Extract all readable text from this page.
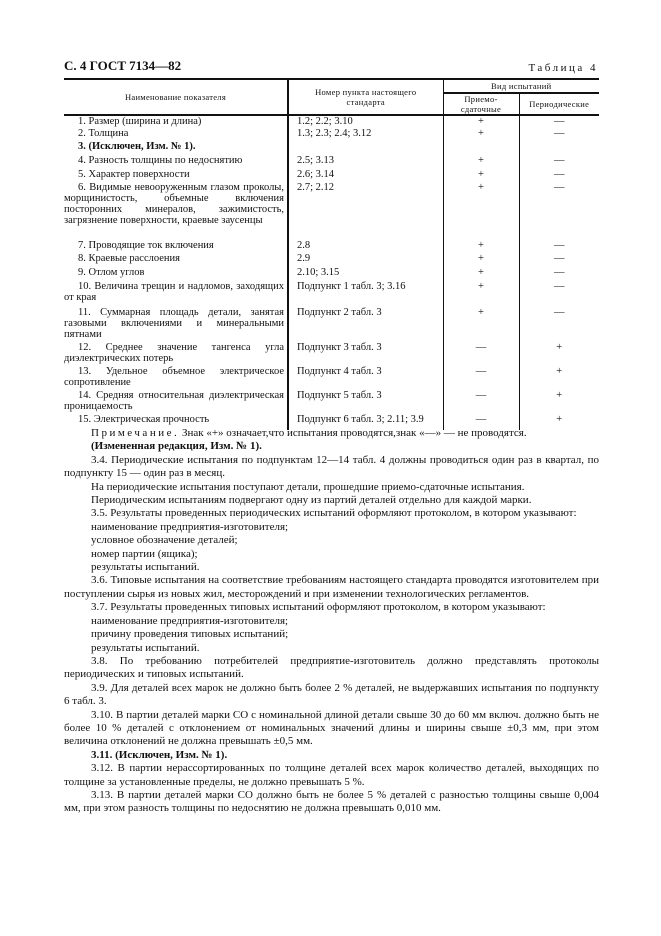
С. 4 ГОСТ 7134—82	Таблица 4
Наименование показателя	Номер пункта настоящего стандарта	Вид испытаний	
		Приемо-сдаточные	Периодические
1. Размер (ширина и длина)	1.2; 2.2; 3.10	+	—
2. Толщина	1.3; 2.3; 2.4; 3.12	+	—
3. (Исключен, Изм. № 1).			
4. Разность толщины по недоснятию	2.5; 3.13	+	—
5. Характер поверхности	2.6; 3.14	+	—
6. Видимые невооруженным глазом проколы, морщинистость, объемные включения посторонних минералов, зажимистость, загрязнение поверхности, краевые заусенцы	2.7; 2.12	+	—
7. Проводящие ток включения	2.8	+	—
8. Краевые расслоения	2.9	+	—
9. Отлом углов	2.10; 3.15	+	—
10. Величина трещин и надломов, заходящих от края	Подпункт 1 табл. 3; 3.16	+	—
11. Суммарная площадь детали, занятая газовыми включениями и минеральными пятнами	Подпункт 2 табл. 3	+	—
12. Среднее значение тангенса угла диэлектрических потерь	Подпункт 3 табл. 3	—	+
13. Удельное объемное электрическое сопротивление	Подпункт 4 табл. 3	—	+
14. Средняя относительная диэлектрическая проницаемость	Подпункт 5 табл. 3	—	+
15. Электрическая прочность	Подпункт 6 табл. 3; 2.11; 3.9	—	+

Примечание. Знак «+» означает,что испытания проводятся,знак «—» — не проводятся.

(Измененная редакция, Изм. № 1).

3.4. Периодические испытания по подпунктам 12—14 табл. 4 должны проводиться один раз в квартал, по подпункту 15 — один раз в месяц.

На периодические испытания поступают детали, прошедшие приемо-сдаточные испытания.

Периодическим испытаниям подвергают одну из партий деталей отдельно для каждой марки.

3.5. Результаты проведенных периодических испытаний оформляют протоколом, в котором указывают:

наименование предприятия-изготовителя;

условное обозначение деталей;

номер партии (ящика);

результаты испытаний.

3.6. Типовые испытания на соответствие требованиям настоящего стандарта проводятся изготовителем при поступлении сырья из новых жил, месторождений и при изменении технологических регламентов.

3.7. Результаты проведенных типовых испытаний оформляют протоколом, в котором указывают:

наименование предприятия-изготовителя;

причину проведения типовых испытаний;

результаты испытаний.

3.8. По требованию потребителей предприятие-изготовитель должно представлять протоколы периодических и типовых испытаний.

3.9. Для деталей всех марок не должно быть более 2 % деталей, не выдержавших испытания по подпункту 6 табл. 3.

3.10. В партии деталей марки СО с номинальной длиной детали свыше 30 до 60 мм включ. должно быть не более 10 % деталей с отклонением от номинальных значений длины и ширины свыше ±0,3 мм, при этом величина отклонений не должна превышать ±0,5 мм.

3.11. (Исключен, Изм. № 1).

3.12. В партии нерассортированных по толщине деталей всех марок количество деталей, выходящих по толщине за установленные пределы, не должно превышать 5 %.

3.13. В партии деталей марки СО должно быть не более 5 % деталей с разностью толщины свыше 0,004 мм, при этом разность толщины по недоснятию не должна превышать 0,010 мм.
